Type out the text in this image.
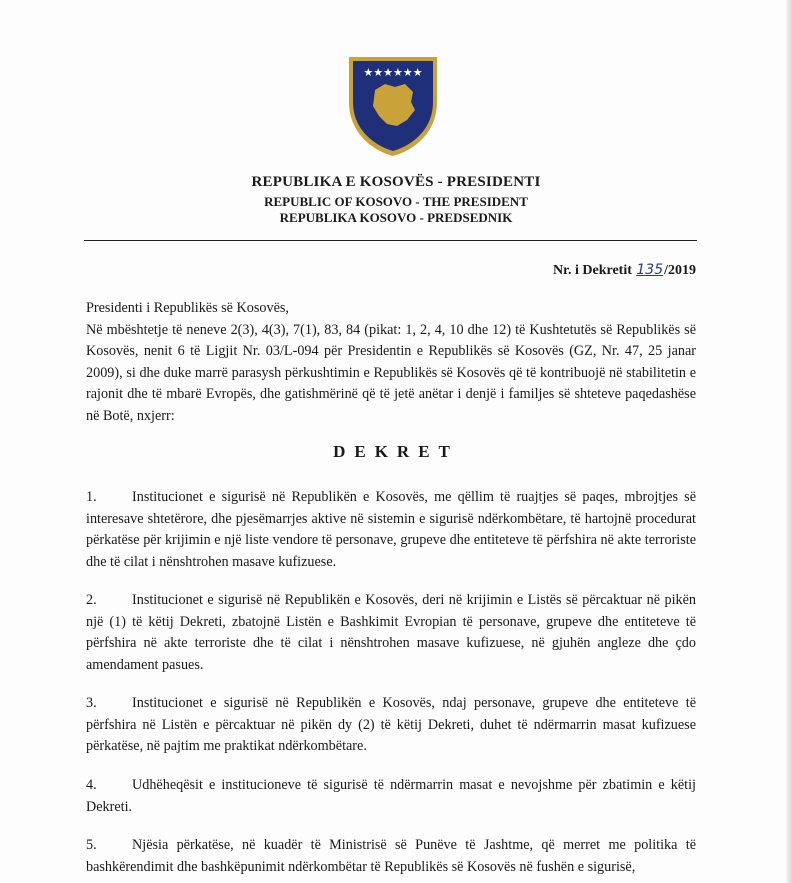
★★★★★★
REPUBLIKA E KOSOVËS - PRESIDENTI
REPUBLIC OF KOSOVO - THE PRESIDENT
REPUBLIKA KOSOVO - PREDSEDNIK
Nr. i Dekretit 135/2019
Presidenti i Republikës së Kosovës,
Në mbështetje të neneve 2(3), 4(3), 7(1), 83, 84 (pikat: 1, 2, 4, 10 dhe 12) të Kushtetutës së Republikës së Kosovës, nenit 6 të Ligjit Nr. 03/L-094 për Presidentin e Republikës së Kosovës (GZ, Nr. 47, 25 janar 2009), si dhe duke marrë parasysh përkushtimin e Republikës së Kosovës që të kontribuojë në stabilitetin e rajonit dhe të mbarë Evropës, dhe gatishmërinë që të jetë anëtar i denjë i familjes së shteteve paqedashëse në Botë, nxjerr:
DEKRET
1. Institucionet e sigurisë në Republikën e Kosovës, me qëllim të ruajtjes së paqes, mbrojtjes së interesave shtetërore, dhe pjesëmarrjes aktive në sistemin e sigurisë ndërkombëtare, të hartojnë procedurat përkatëse për krijimin e një liste vendore të personave, grupeve dhe entiteteve të përfshira në akte terroriste dhe të cilat i nënshtrohen masave kufizuese.
2. Institucionet e sigurisë në Republikën e Kosovës, deri në krijimin e Listës së përcaktuar në pikën një (1) të këtij Dekreti, zbatojnë Listën e Bashkimit Evropian të personave, grupeve dhe entiteteve të përfshira në akte terroriste dhe të cilat i nënshtrohen masave kufizuese, në gjuhën angleze dhe çdo amendament pasues.
3. Institucionet e sigurisë në Republikën e Kosovës, ndaj personave, grupeve dhe entiteteve të përfshira në Listën e përcaktuar në pikën dy (2) të këtij Dekreti, duhet të ndërmarrin masat kufizuese përkatëse, në pajtim me praktikat ndërkombëtare.
4. Udhëheqësit e institucioneve të sigurisë të ndërmarrin masat e nevojshme për zbatimin e këtij Dekreti.
5. Njësia përkatëse, në kuadër të Ministrisë së Punëve të Jashtme, që merret me politika të bashkërendimit dhe bashkëpunimit ndërkombëtar të Republikës së Kosovës në fushën e sigurisë,
